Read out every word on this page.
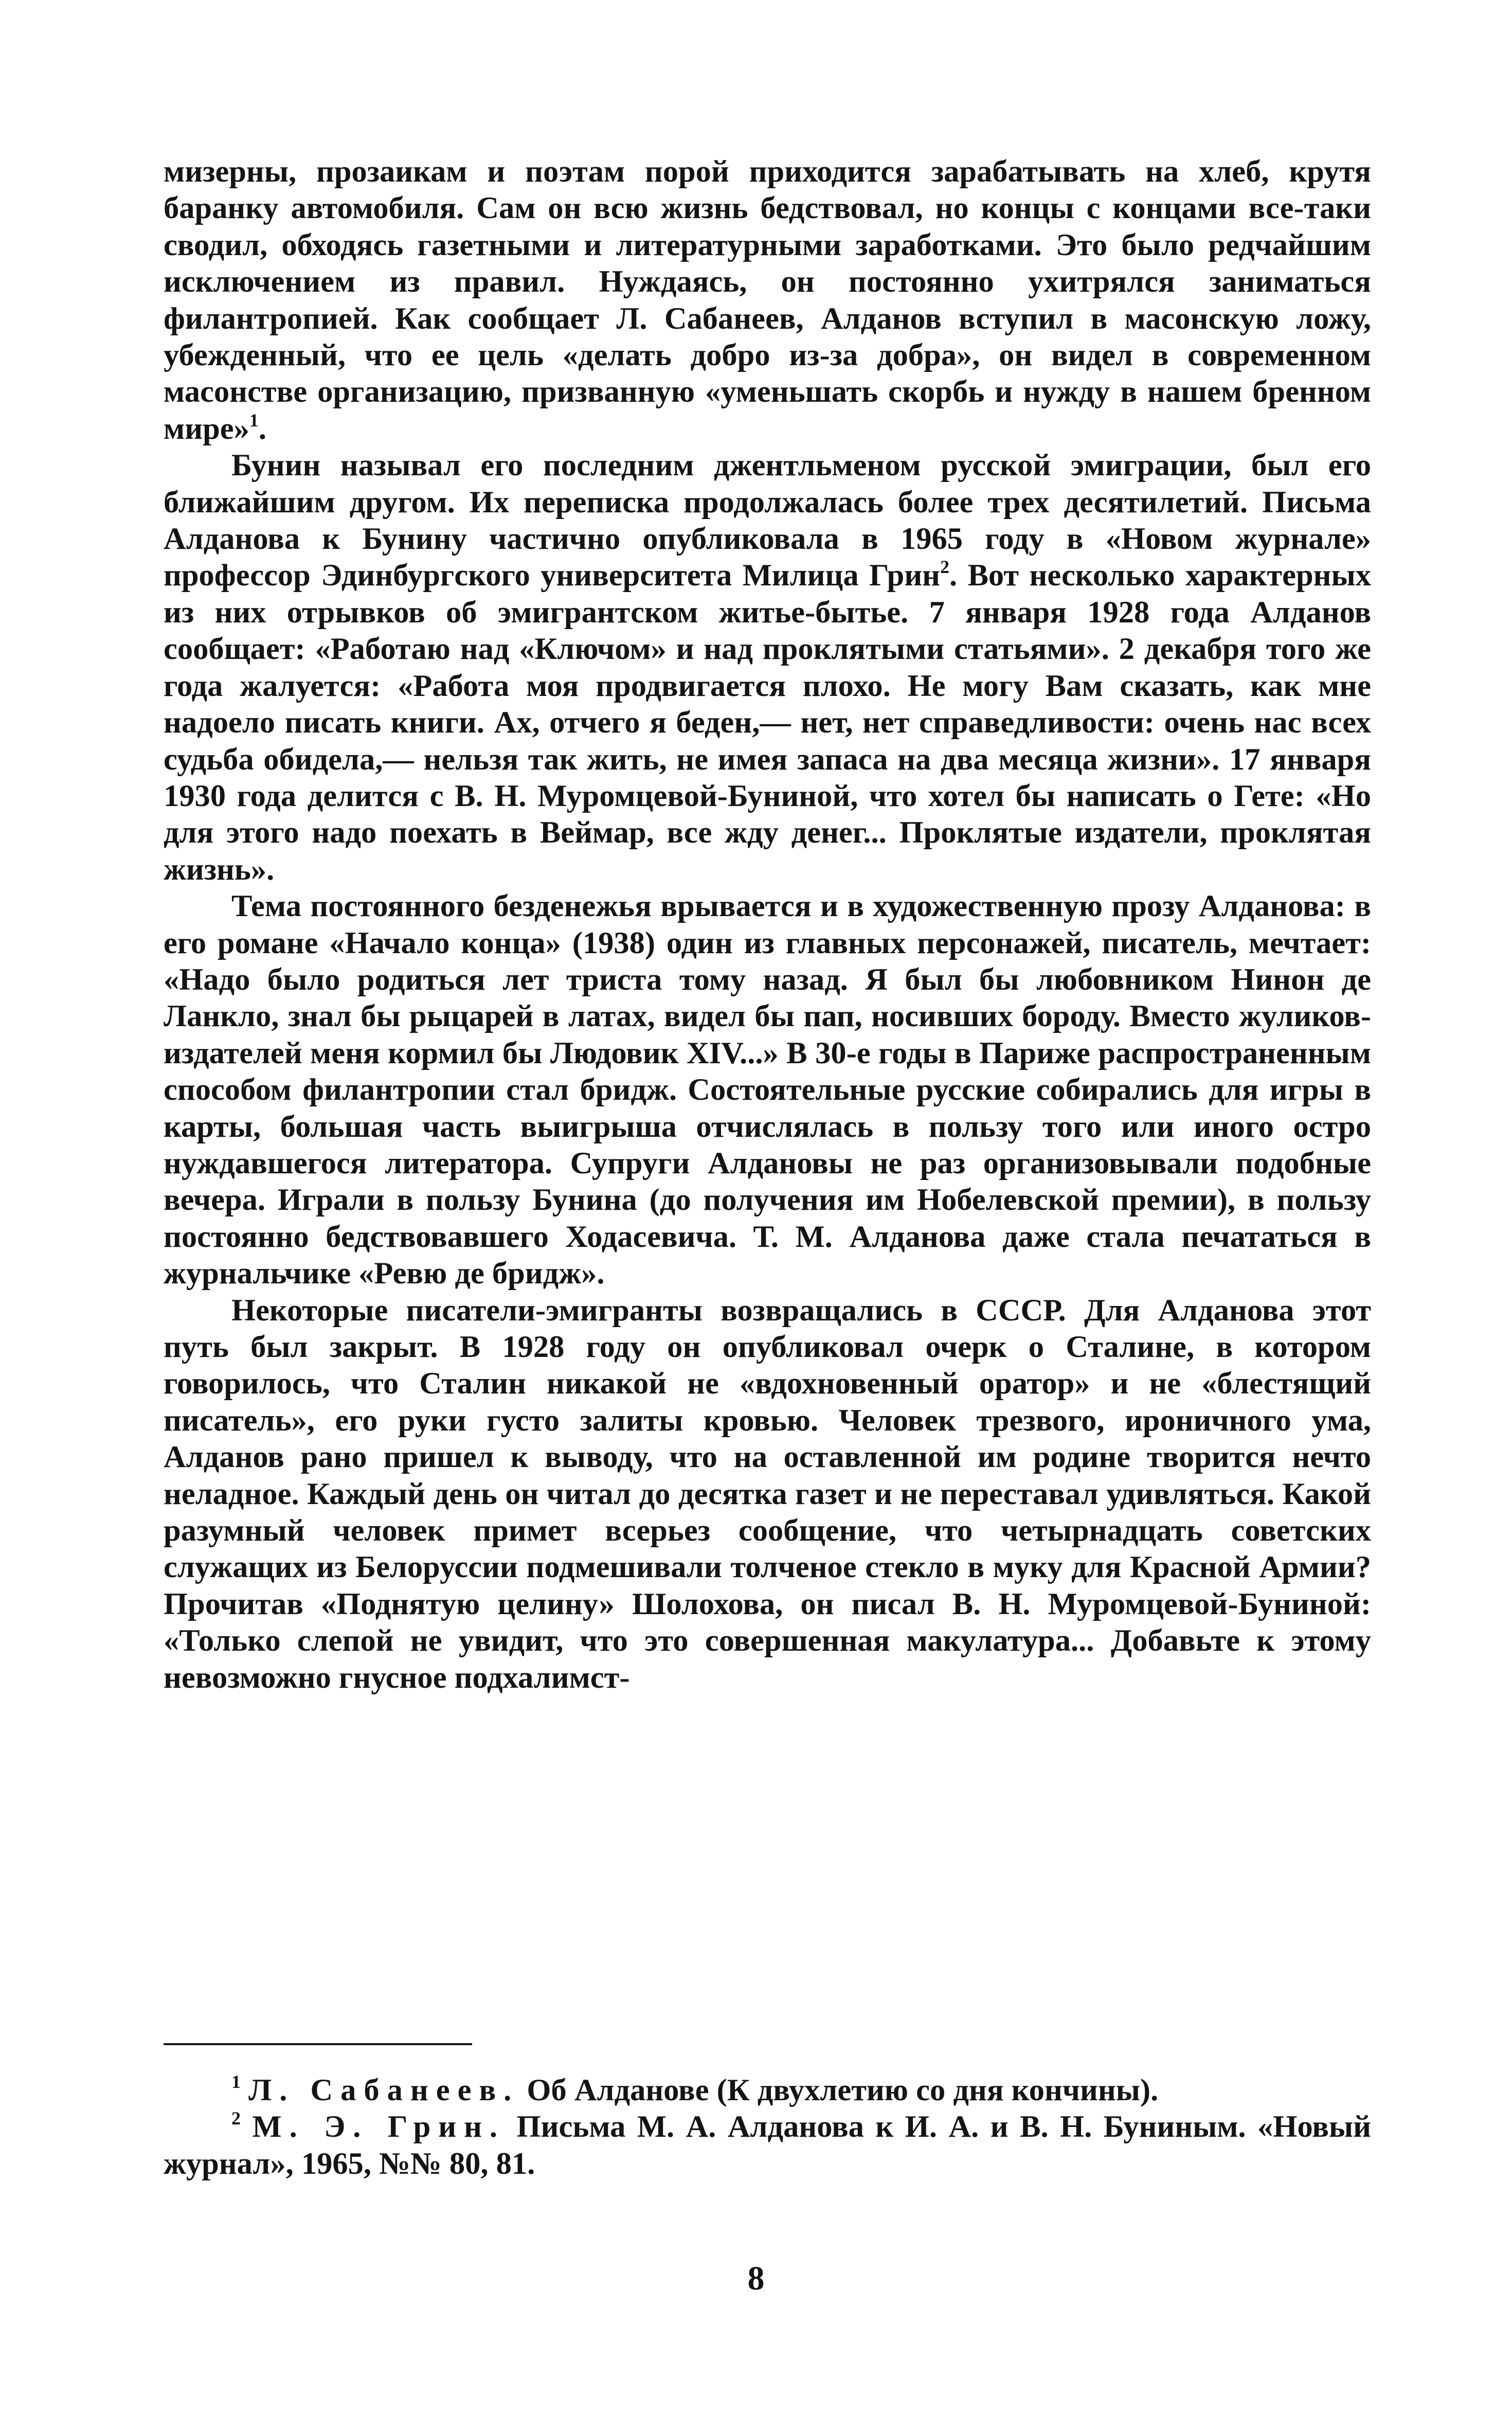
мизерны, прозаикам и поэтам порой приходится зарабатывать на хлеб, крутя баранку автомобиля. Сам он всю жизнь бедствовал, но концы с концами все-таки сводил, обходясь газетными и литературными заработками. Это было редчайшим исключением из правил. Нуждаясь, он постоянно ухитрялся заниматься филантропией. Как сообщает Л. Сабанеев, Алданов вступил в масонскую ложу, убежденный, что ее цель «делать добро из-за добра», он видел в современном масонстве организацию, призванную «уменьшать скорбь и нужду в нашем бренном мире»$^1$.

Бунин называл его последним джентльменом русской эмиграции, был его ближайшим другом. Их переписка продолжалась более трех десятилетий. Письма Алданова к Бунину частично опубликовала в 1965 году в «Новом журнале» профессор Эдинбургского университета Милица Грин$^2$. Вот несколько характерных из них отрывков об эмигрантском житье-бытье. 7 января 1928 года Алданов сообщает: «Работаю над «Ключом» и над проклятыми статьями». 2 декабря того же года жалуется: «Работа моя продвигается плохо. Не могу Вам сказать, как мне надоело писать книги. Ах, отчего я беден,— нет, нет справедливости: очень нас всех судьба обидела,— нельзя так жить, не имея запаса на два месяца жизни». 17 января 1930 года делится с В. Н. Муромцевой-Буниной, что хотел бы написать о Гете: «Но для этого надо поехать в Веймар, все жду денег... Проклятые издатели, проклятая жизнь».

Тема постоянного безденежья врывается и в художественную прозу Алданова: в его романе «Начало конца» (1938) один из главных персонажей, писатель, мечтает: «Надо было родиться лет триста тому назад. Я был бы любовником Нинон де Ланкло, знал бы рыцарей в латах, видел бы пап, носивших бороду. Вместо жуликов-издателей меня кормил бы Людовик XIV...» В 30-е годы в Париже распространенным способом филантропии стал бридж. Состоятельные русские собирались для игры в карты, большая часть выигрыша отчислялась в пользу того или иного остро нуждавшегося литератора. Супруги Алдановы не раз организовывали подобные вечера. Играли в пользу Бунина (до получения им Нобелевской премии), в пользу постоянно бедствовавшего Ходасевича. Т. М. Алданова даже стала печататься в журнальчике «Ревю де бридж».

Некоторые писатели-эмигранты возвращались в СССР. Для Алданова этот путь был закрыт. В 1928 году он опубликовал очерк о Сталине, в котором говорилось, что Сталин никакой не «вдохновенный оратор» и не «блестящий писатель», его руки густо залиты кровью. Человек трезвого, ироничного ума, Алданов рано пришел к выводу, что на оставленной им родине творится нечто неладное. Каждый день он читал до десятка газет и не переставал удивляться. Какой разумный человек примет всерьез сообщение, что четырнадцать советских служащих из Белоруссии подмешивали толченое стекло в муку для Красной Армии? Прочитав «Поднятую целину» Шолохова, он писал В. Н. Муромцевой-Буниной: «Только слепой не увидит, что это совершенная макулатура... Добавьте к этому невозможно гнусное подхалимст-

$^1$ Л. Сабанеев. Об Алданове (К двухлетию со дня кончины).

$^2$ М. Э. Грин. Письма М. А. Алданова к И. А. и В. Н. Буниным. «Новый журнал», 1965, №№ 80, 81.

8
